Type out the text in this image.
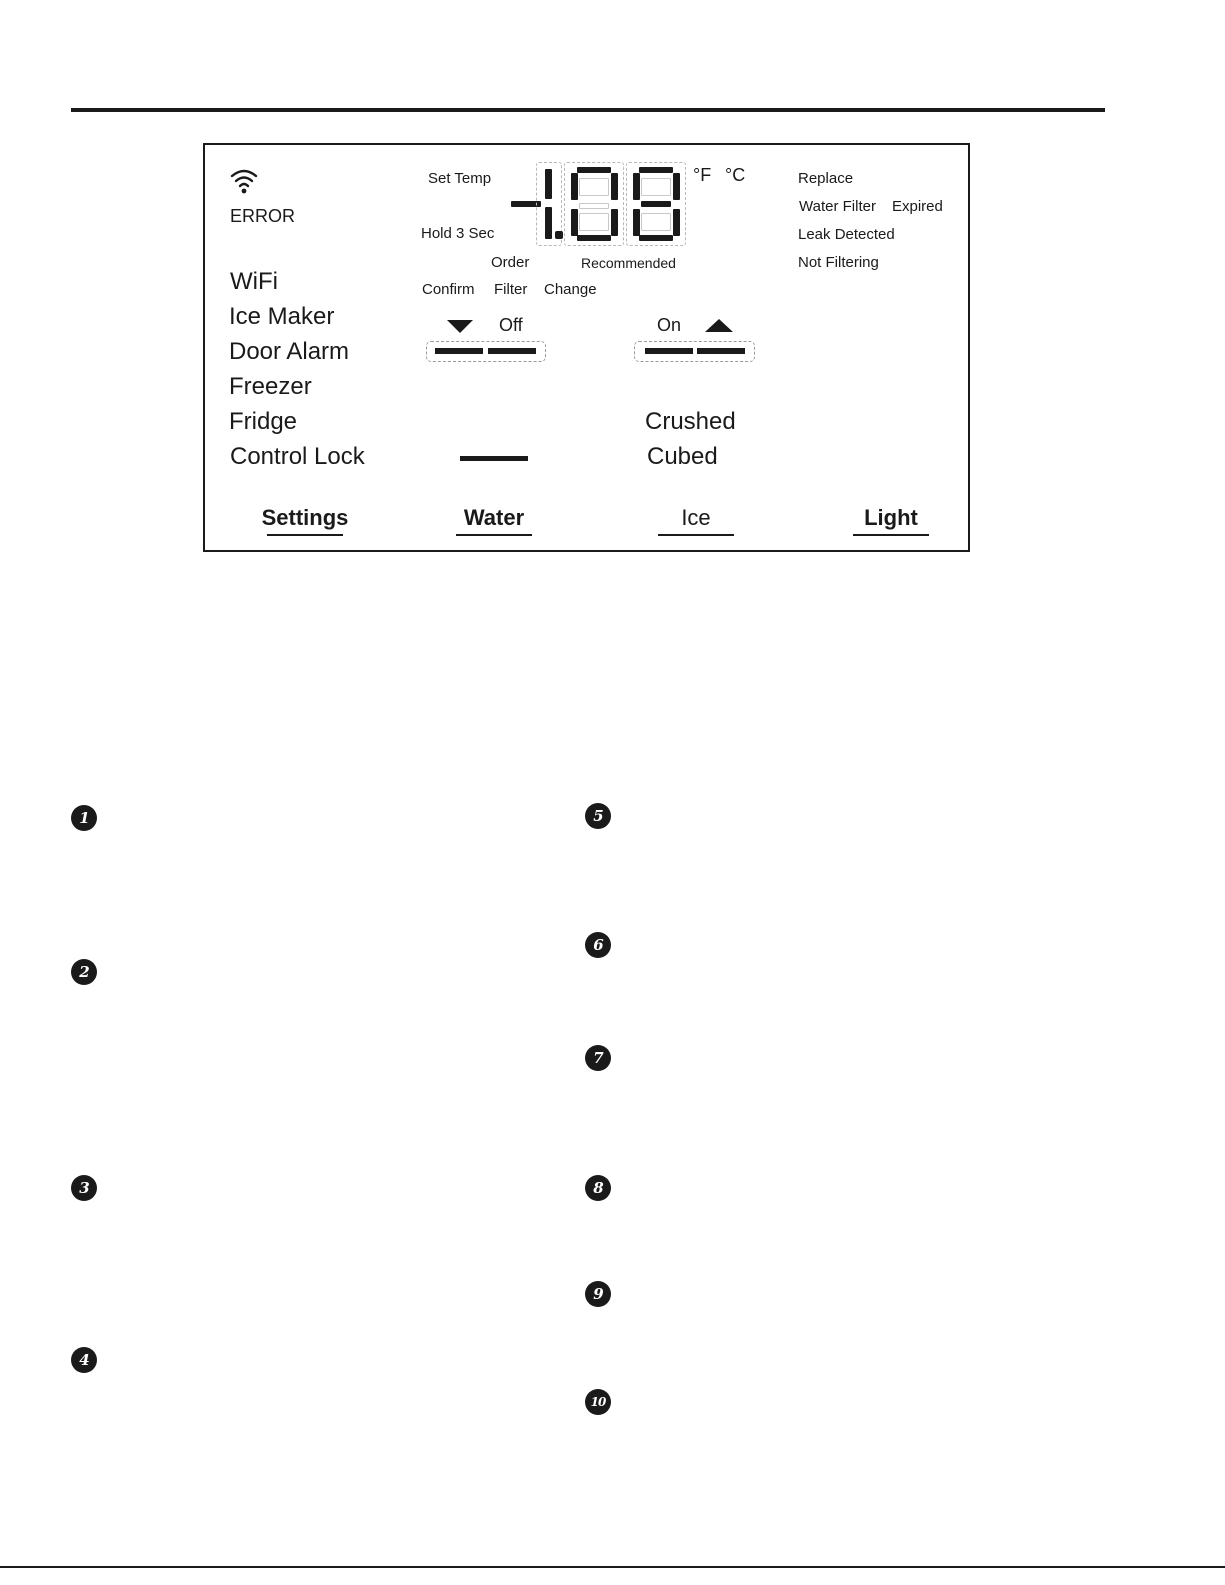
ERROR
WiFi
Ice Maker
Door Alarm
Freezer
Fridge
Control Lock
Set Temp
Hold 3 Sec
°F °C
Order	Recommended
Confirm Filter Change
Off	On
Replace
Water Filter Expired
Leak Detected
Not Filtering
Crushed
Cubed
Settings	Water	Ice	Light
1
2
3
4
5
6
7
8
9
10
